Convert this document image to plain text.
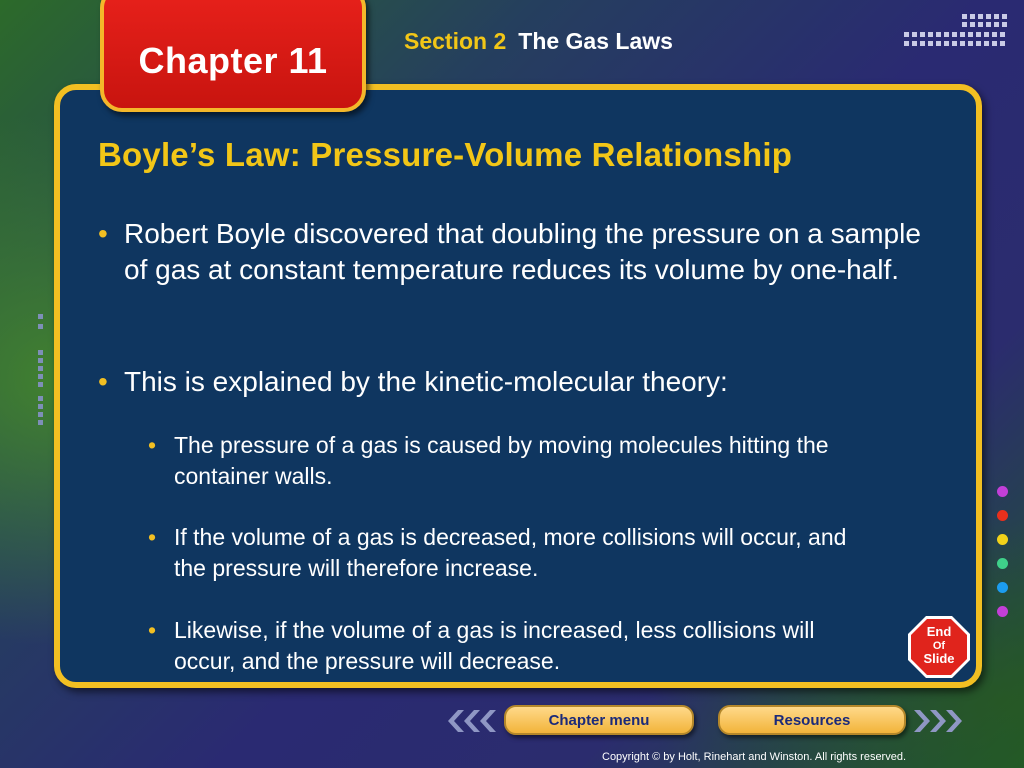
Chapter 11	Section 2 The Gas Laws
Boyle’s Law: Pressure-Volume Relationship
• Robert Boyle discovered that doubling the pressure on a sample of gas at constant temperature reduces its volume by one-half.
• This is explained by the kinetic-molecular theory:
• The pressure of a gas is caused by moving molecules hitting the container walls.
• If the volume of a gas is decreased, more collisions will occur, and the pressure will therefore increase.
• Likewise, if the volume of a gas is increased, less collisions will occur, and the pressure will decrease.
End
Of
Slide
Chapter menu	Resources
Copyright © by Holt, Rinehart and Winston. All rights reserved.
